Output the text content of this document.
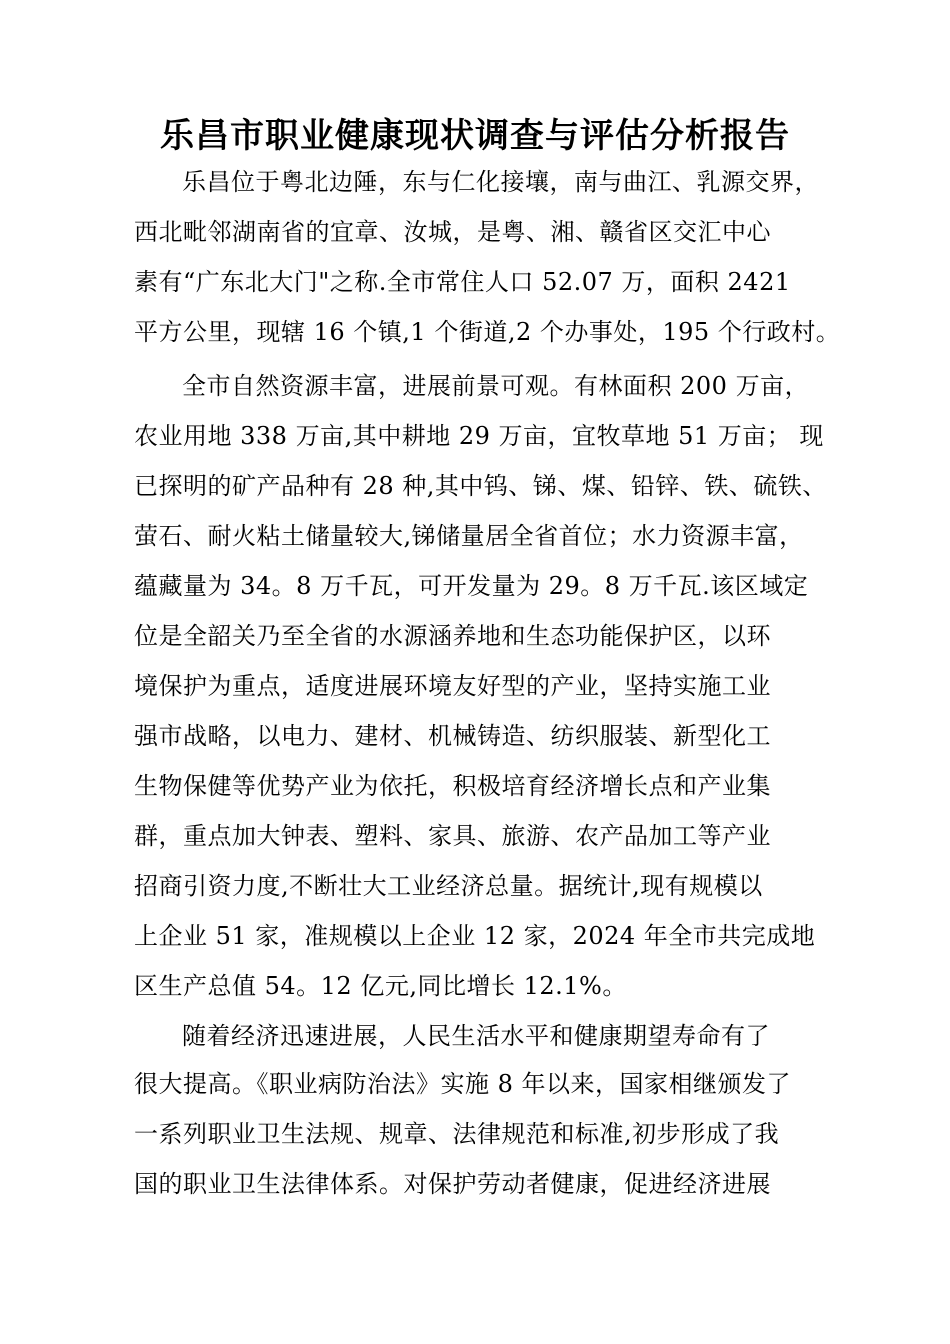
乐昌市职业健康现状调查与评估分析报告
乐昌位于粤北边陲，东与仁化接壤，南与曲江、乳源交界，
西北毗邻湖南省的宜章、汝城，是粤、湘、赣省区交汇中心
素有“广东北大门"之称.全市常住人口 52.07 万，面积 2421
平方公里，现辖 16 个镇,1 个街道,2 个办事处，195 个行政村。
全市自然资源丰富，进展前景可观。有林面积 200 万亩，
农业用地 338 万亩,其中耕地 29 万亩，宜牧草地 51 万亩； 现
已探明的矿产品种有 28 种,其中钨、锑、煤、铅锌、铁、硫铁、
萤石、耐火粘土储量较大,锑储量居全省首位；水力资源丰富，
蕴藏量为 34。8 万千瓦，可开发量为 29。8 万千瓦.该区域定
位是全韶关乃至全省的水源涵养地和生态功能保护区，以环
境保护为重点，适度进展环境友好型的产业，坚持实施工业
强市战略，以电力、建材、机械铸造、纺织服装、新型化工
生物保健等优势产业为依托，积极培育经济增长点和产业集
群，重点加大钟表、塑料、家具、旅游、农产品加工等产业
招商引资力度,不断壮大工业经济总量。据统计,现有规模以
上企业 51 家，准规模以上企业 12 家，2024 年全市共完成地
区生产总值 54。12 亿元,同比增长 12.1%。
随着经济迅速进展，人民生活水平和健康期望寿命有了
很大提高。《职业病防治法》实施 8 年以来，国家相继颁发了
一系列职业卫生法规、规章、法律规范和标准,初步形成了我
国的职业卫生法律体系。对保护劳动者健康，促进经济进展
